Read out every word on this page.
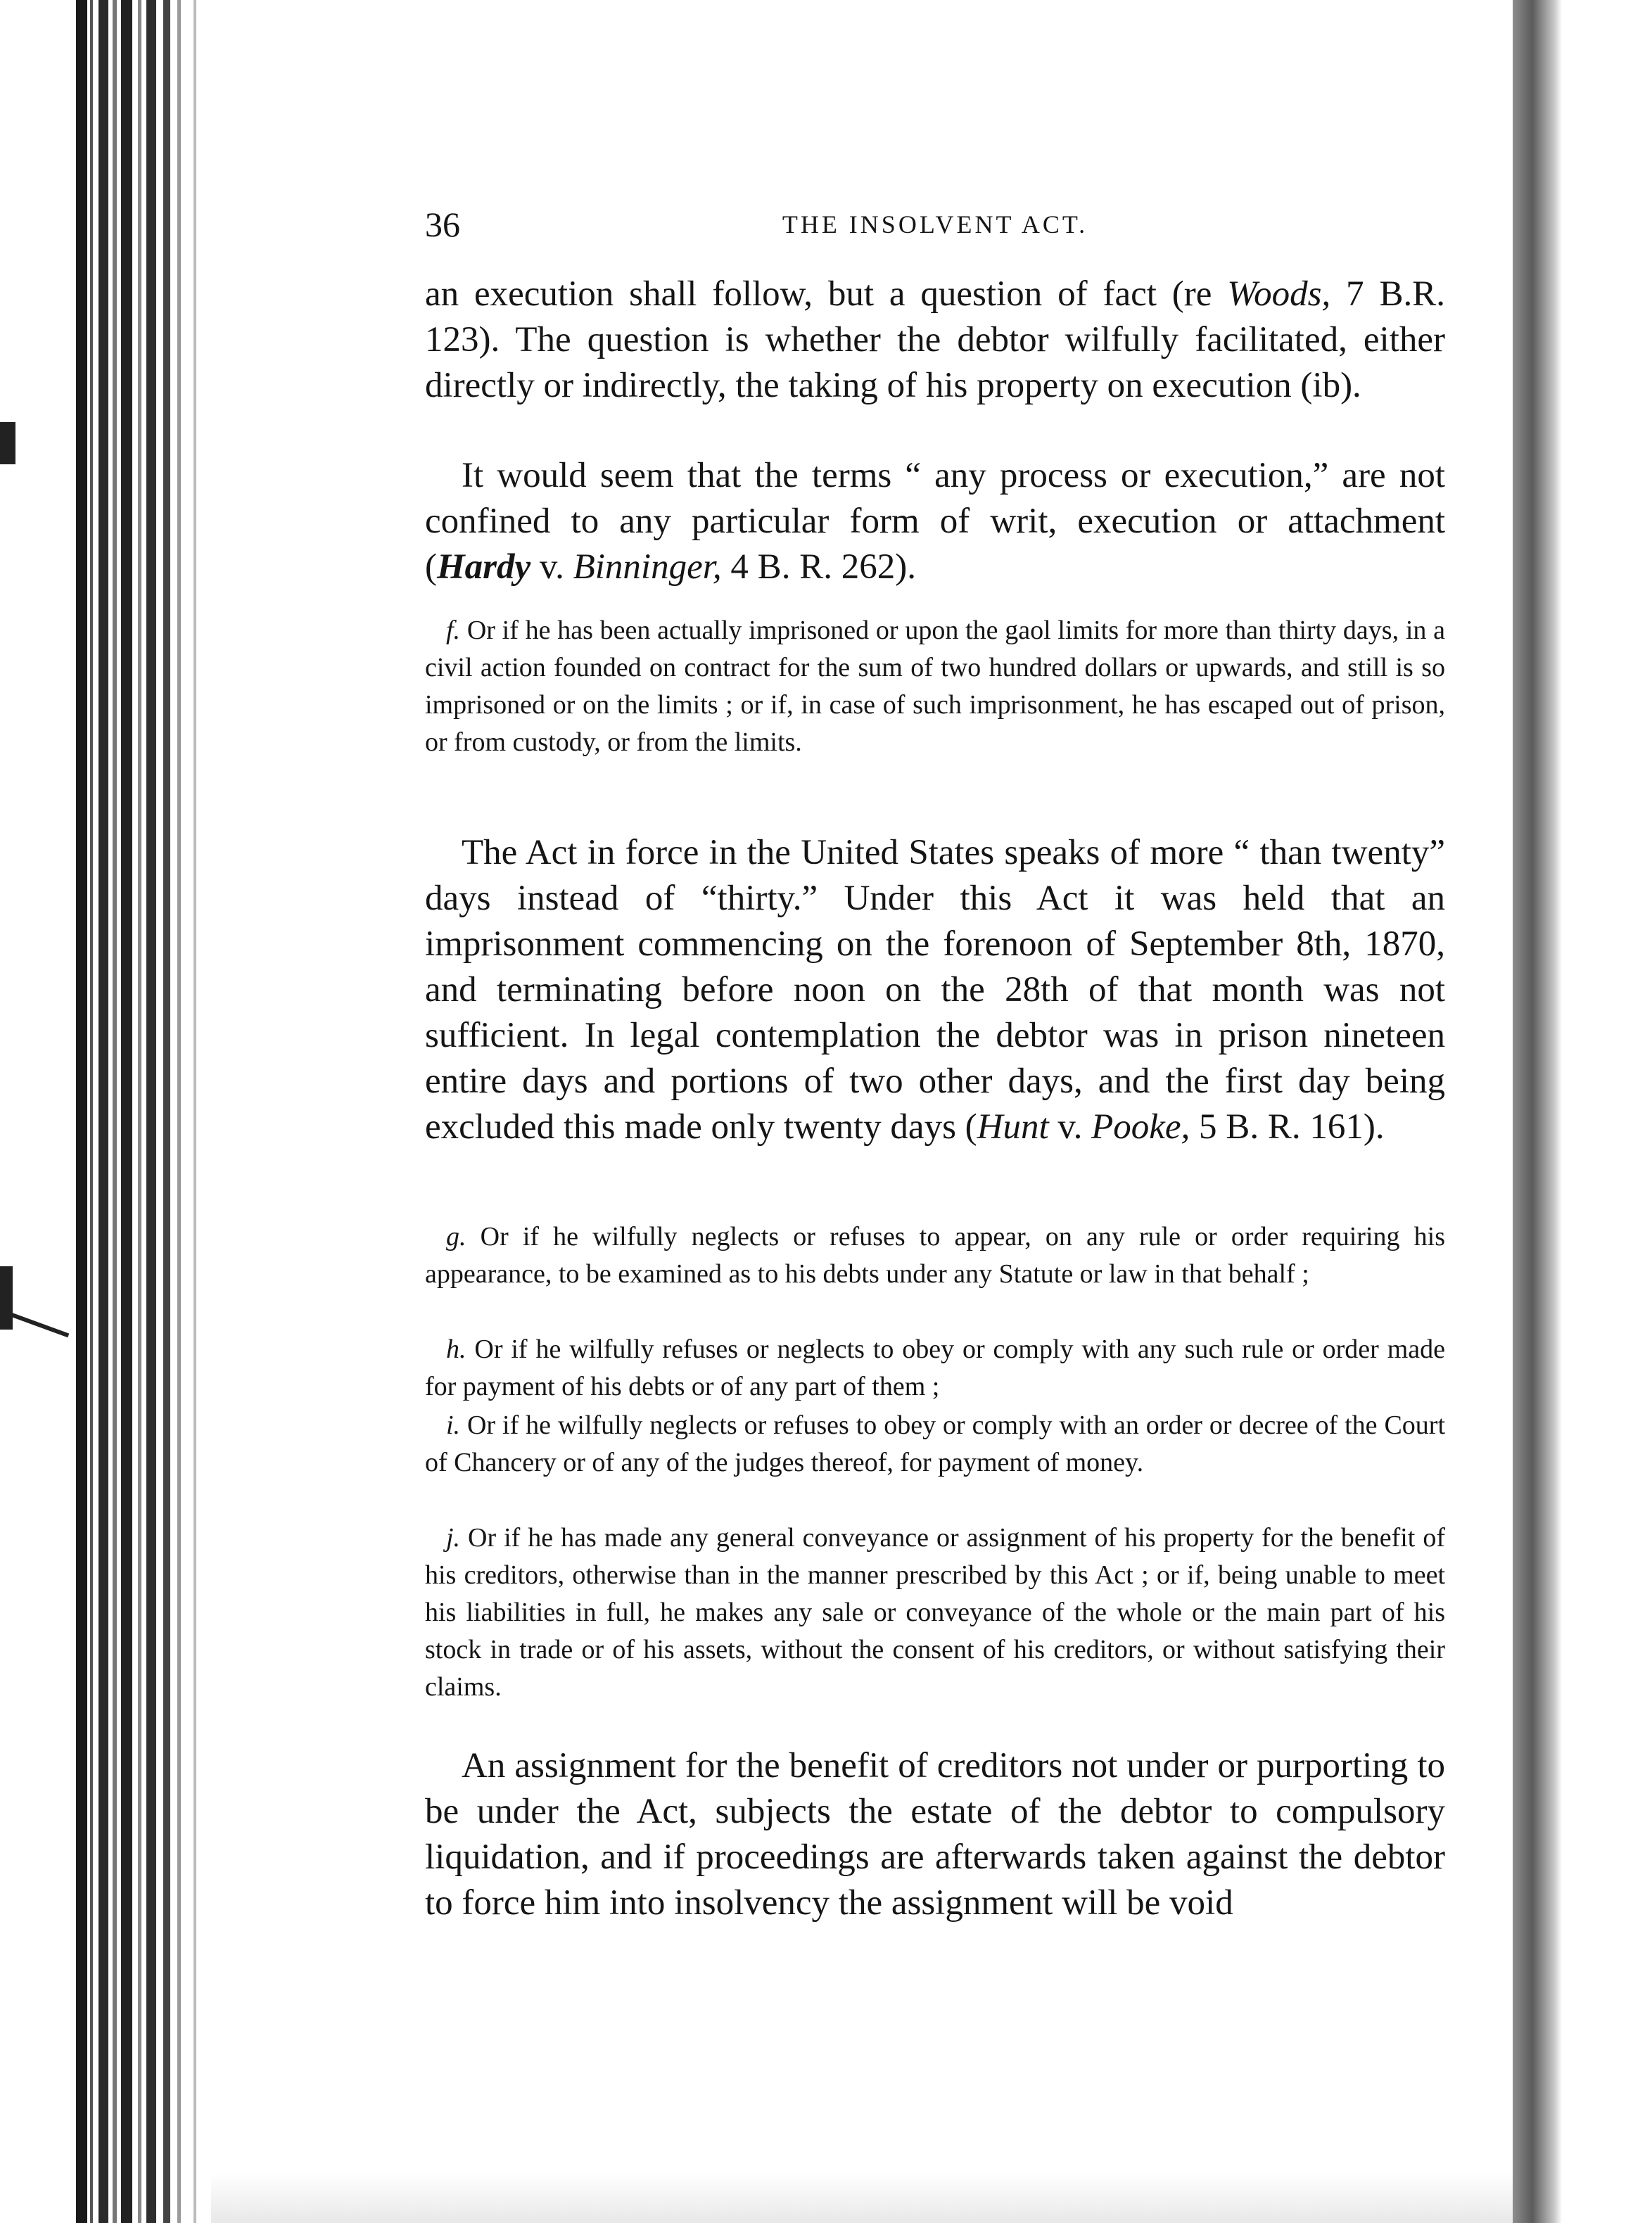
36	THE INSOLVENT ACT.

an execution shall follow, but a question of fact (re Woods, 7 B.R. 123). The question is whether the debtor wilfully facilitated, either directly or indirectly, the taking of his property on execution (ib).

It would seem that the terms “ any process or execution,” are not confined to any particular form of writ, execution or attachment (Hardy v. Binninger, 4 B. R. 262).

f. Or if he has been actually imprisoned or upon the gaol limits for more than thirty days, in a civil action founded on contract for the sum of two hundred dollars or upwards, and still is so imprisoned or on the limits ; or if, in case of such imprisonment, he has escaped out of prison, or from custody, or from the limits.

The Act in force in the United States speaks of more “ than twenty” days instead of “thirty.” Under this Act it was held that an imprisonment commencing on the forenoon of September 8th, 1870, and terminating before noon on the 28th of that month was not sufficient. In legal contemplation the debtor was in prison nineteen entire days and portions of two other days, and the first day being excluded this made only twenty days (Hunt v. Pooke, 5 B. R. 161).

g. Or if he wilfully neglects or refuses to appear, on any rule or order requiring his appearance, to be examined as to his debts under any Statute or law in that behalf ;

h. Or if he wilfully refuses or neglects to obey or comply with any such rule or order made for payment of his debts or of any part of them ;

i. Or if he wilfully neglects or refuses to obey or comply with an order or decree of the Court of Chancery or of any of the judges thereof, for payment of money.

j. Or if he has made any general conveyance or assignment of his property for the benefit of his creditors, otherwise than in the manner prescribed by this Act ; or if, being unable to meet his liabilities in full, he makes any sale or conveyance of the whole or the main part of his stock in trade or of his assets, without the consent of his creditors, or without satisfying their claims.

An assignment for the benefit of creditors not under or purporting to be under the Act, subjects the estate of the debtor to compulsory liquidation, and if proceedings are afterwards taken against the debtor to force him into insolvency the assignment will be void
